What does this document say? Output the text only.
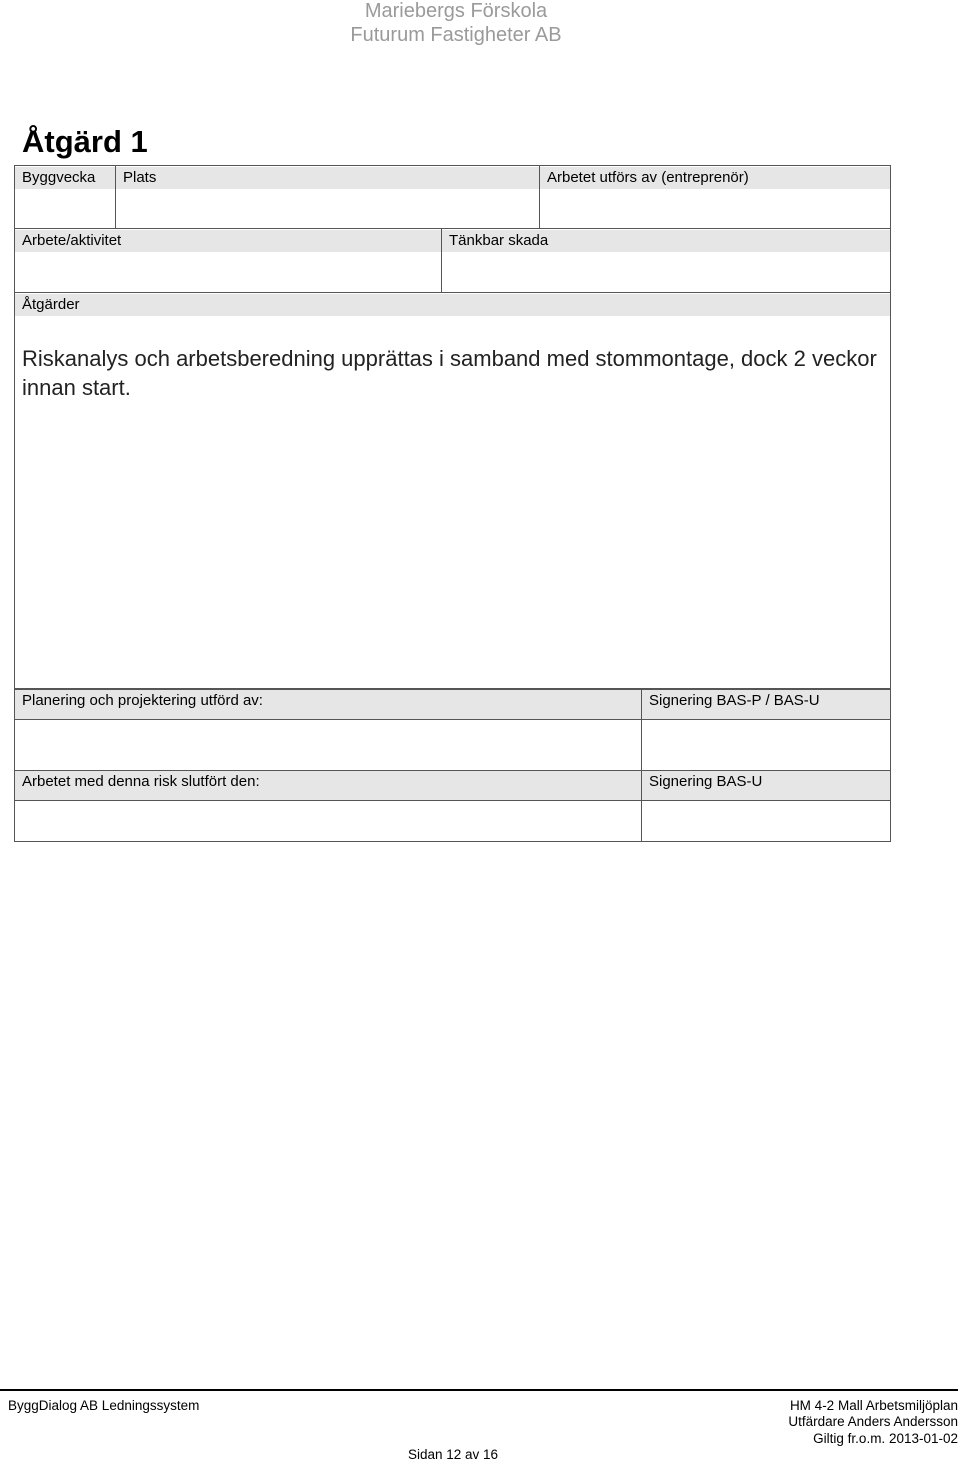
Mariebergs Förskola
Futurum Fastigheter AB
Åtgärd 1
Byggvecka	Plats	Arbetet utförs av (entreprenör)
Arbete/aktivitet	Tänkbar skada
Åtgärder
Riskanalys och arbetsberedning upprättas i samband med stommontage, dock 2 veckor innan start.
Planering och projektering utförd av:	Signering BAS-P / BAS-U
Arbetet med denna risk slutfört den:	Signering BAS-U
ByggDialog AB Ledningssystem	HM 4-2 Mall Arbetsmiljöplan
Utfärdare Anders Andersson
Giltig fr.o.m. 2013-01-02
Sidan 12 av 16
